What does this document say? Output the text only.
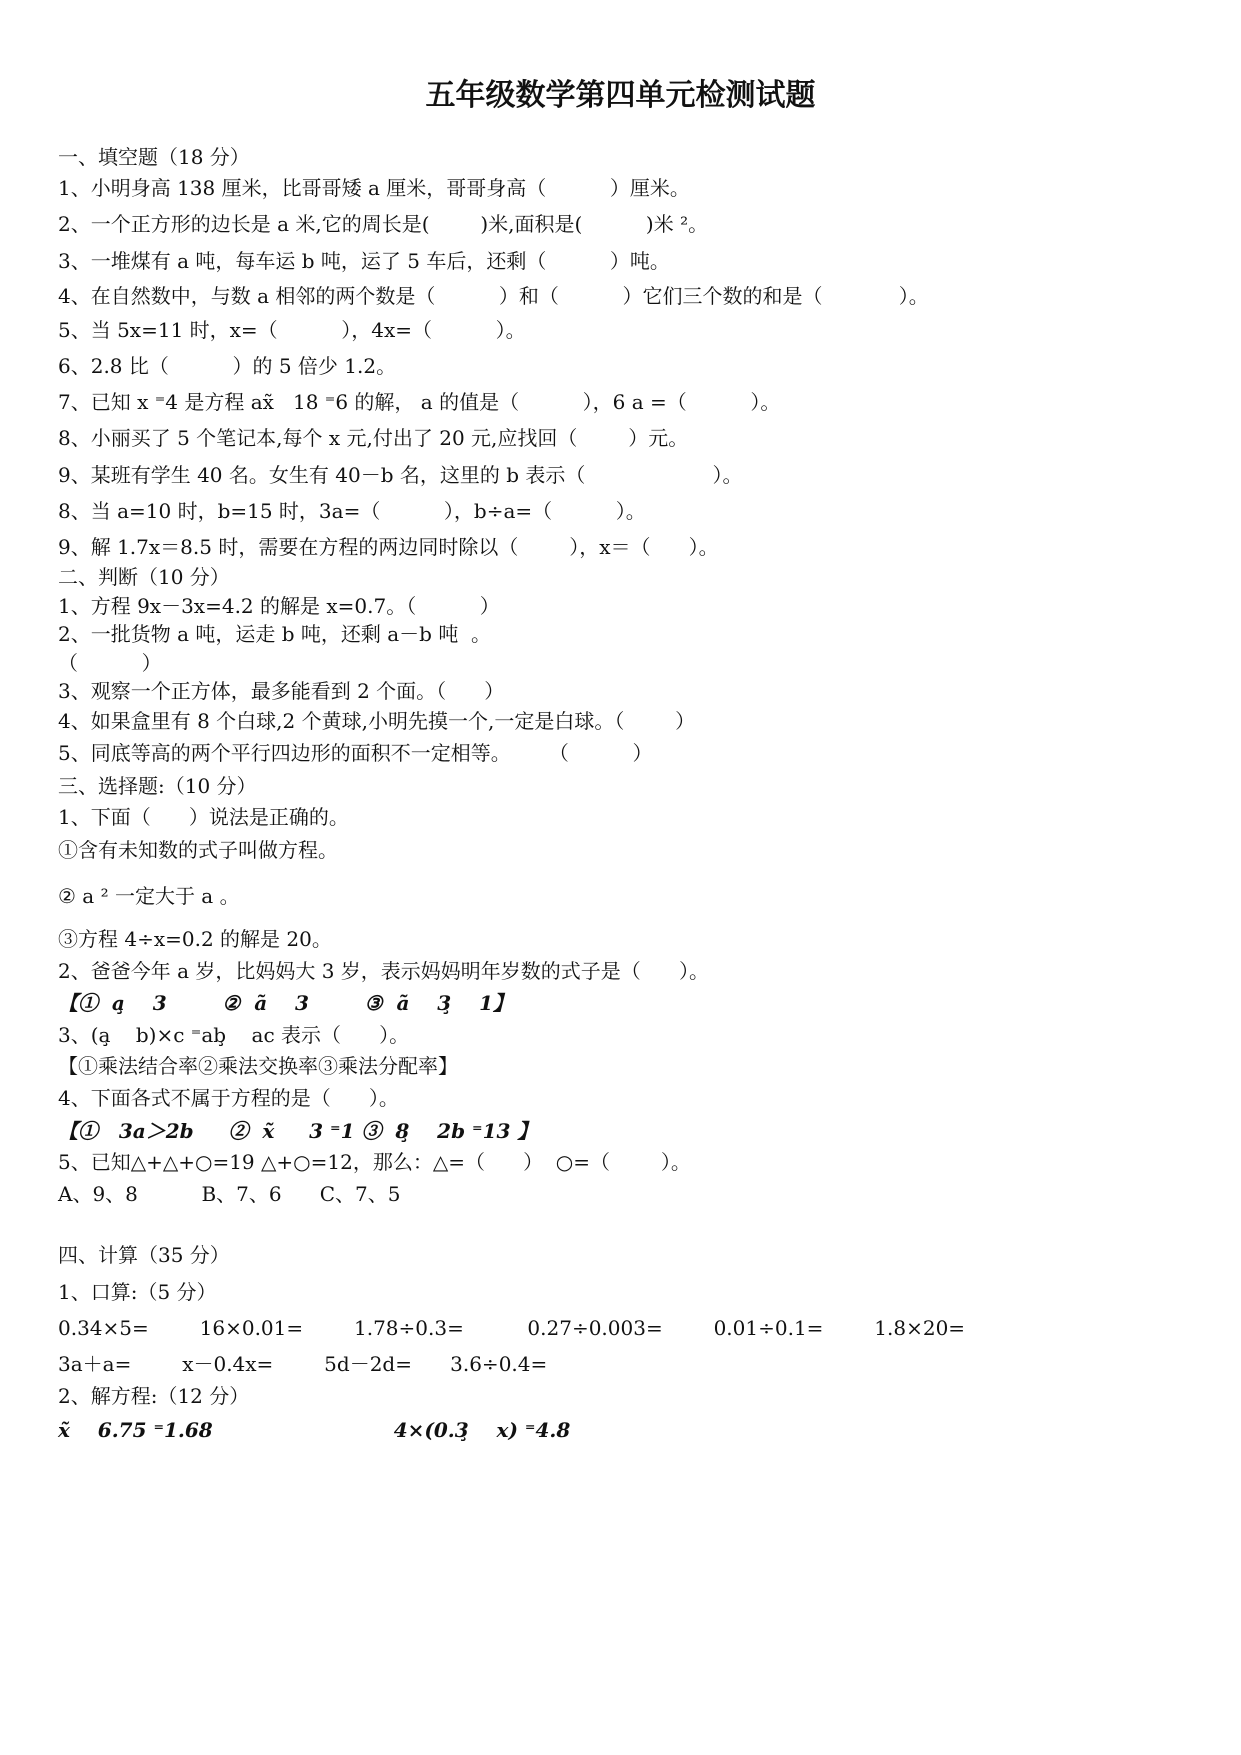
五年级数学第四单元检测试题
一、填空题（18 分）
1、小明身高 138 厘米，比哥哥矮 a 厘米，哥哥身高（          ）厘米。
2、一个正方形的边长是 a 米,它的周长是(        )米,面积是(          )米 ²。
3、一堆煤有 a 吨，每车运 b 吨，运了 5 车后，还剩（          ）吨。
4、在自然数中，与数 a 相邻的两个数是（          ）和（          ）它们三个数的和是（            ）。
5、当 5x=11 时，x=（          ），4x=（          ）。
6、2.8 比（          ）的 5 倍少 1.2。
7、已知 x ⁼4 是方程 ax̃   18 ⁼6 的解， a 的值是（          ），6 a =（          ）。
8、小丽买了 5 个笔记本,每个 x 元,付出了 20 元,应找回（        ）元。
9、某班有学生 40 名。女生有 40－b 名，这里的 b 表示（                    ）。
8、当 a=10 时，b=15 时，3a=（          ），b÷a=（          ）。
9、解 1.7x＝8.5 时，需要在方程的两边同时除以（        ），x＝（      ）。
二、判断（10 分）
1、方程 9x－3x=4.2 的解是 x=0.7。（          ）
2、一批货物 a 吨，运走 b 吨，还剩 a－b 吨  。
（          ）
3、观察一个正方体，最多能看到 2 个面。（      ）
4、如果盒里有 8 个白球,2 个黄球,小明先摸一个,一定是白球。（        ）
5、同底等高的两个平行四边形的面积不一定相等。      （          ）
三、选择题:（10 分）
1、下面（      ）说法是正确的。
①含有未知数的式子叫做方程。
② a ² 一定大于 a 。
③方程 4÷x=0.2 的解是 20。
2、爸爸今年 a 岁，比妈妈大 3 岁，表示妈妈明年岁数的式子是（      ）。
【①  a̧    3        ②  ã    3        ③  ã    3̧    1】
3、(a̧    b)×c ⁼ab̧    ac 表示（      ）。
【①乘法结合率②乘法交换率③乘法分配率】
4、下面各式不属于方程的是（      ）。
【①   3a＞2b     ②  x̃     3 ⁼1 ③  8̧    2b ⁼13 】
5、已知△+△+○=19 △+○=12，那么：△=（      ）  ○=（        ）。
A、9、8          B、7、6      C、7、5
四、计算（35 分）
1、口算:（5 分）
0.34×5=        16×0.01=        1.78÷0.3=          0.27÷0.003=        0.01÷0.1=        1.8×20=
3a＋a=        x－0.4x=        5d－2d=      3.6÷0.4=
2、解方程:（12 分）
x̃    6.75 ⁼1.68                          4×(0.3̧    x) ⁼4.8
